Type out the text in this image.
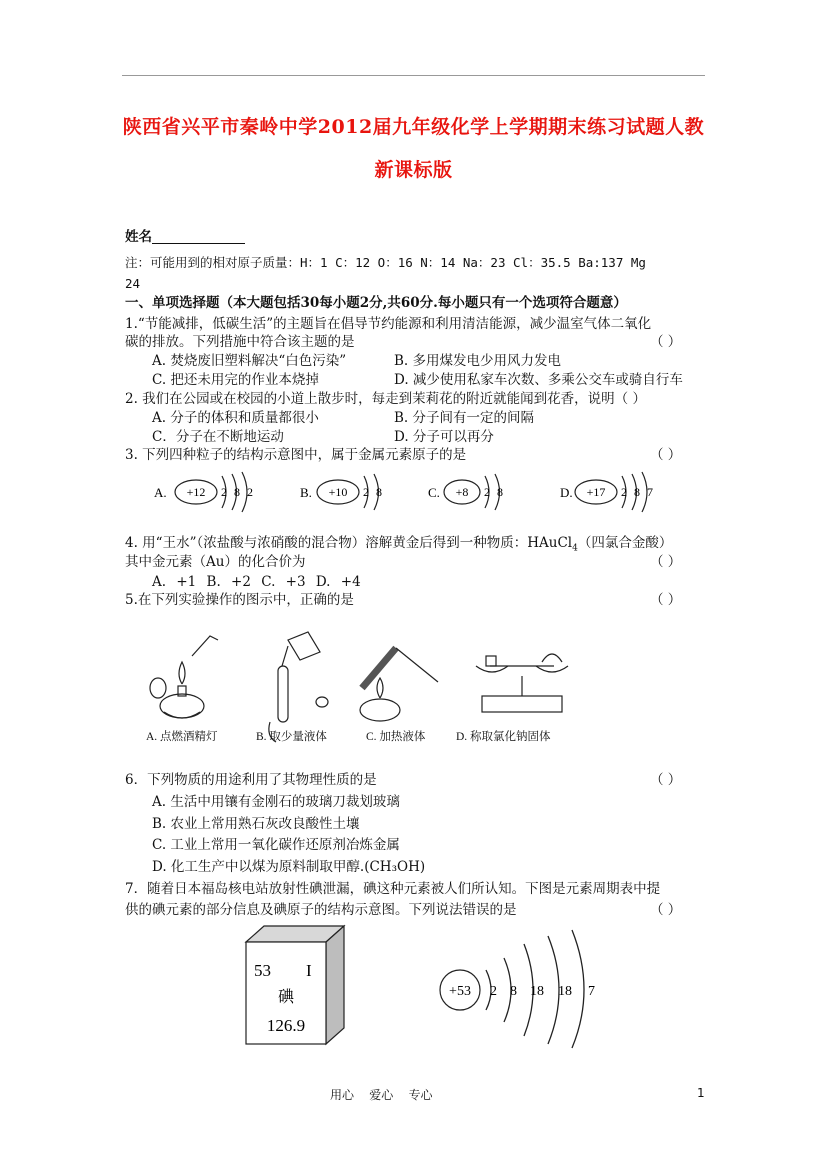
陕西省兴平市秦岭中学2012届九年级化学上学期期末练习试题人教
新课标版
姓名
注：可能用到的相对原子质量：H：1 C：12 O：16 N：14 Na：23 Cl：35.5 Ba:137 Mg
24
一、单项选择题（本大题包括30每小题2分,共60分.每小题只有一个选项符合题意）
1.“节能减排，低碳生活”的主题旨在倡导节约能源和利用清洁能源，减少温室气体二氧化
碳的排放。下列措施中符合该主题的是	（ ）
A. 焚烧废旧塑料解决“白色污染”	B. 多用煤发电少用风力发电
C. 把还未用完的作业本烧掉	D. 减少使用私家车次数、多乘公交车或骑自行车
2. 我们在公园或在校园的小道上散步时，每走到茉莉花的附近就能闻到花香，说明（ ）
A. 分子的体积和质量都很小	B. 分子间有一定的间隔
C．分子在不断地运动	D. 分子可以再分
3. 下列四种粒子的结构示意图中，属于金属元素原子的是	（ ）
A. +12 2 8 2	B. +10 2 8	C. +8 2 8	D. +17 2 8 7
4. 用“王水”（浓盐酸与浓硝酸的混合物）溶解黄金后得到一种物质：HAuCl$_4$（四氯合金酸）
其中金元素（Au）的化合价为	（ ）
A. +1 B. +2 C. +3 D. +4
5.在下列实验操作的图示中，正确的是	（ ）
A. 点燃酒精灯	B. 取少量液体	C. 加热液体	D. 称取氯化钠固体
6．下列物质的用途利用了其物理性质的是	（ ）
A. 生活中用镶有金刚石的玻璃刀裁划玻璃
B. 农业上常用熟石灰改良酸性土壤
C. 工业上常用一氧化碳作还原剂冶炼金属
D. 化工生产中以煤为原料制取甲醇.(CH₃OH)
7．随着日本福岛核电站放射性碘泄漏，碘这种元素被人们所认知。下图是元素周期表中提
供的碘元素的部分信息及碘原子的结构示意图。下列说法错误的是	（ ）
53 I
碘
126.9
+53 2 8 18 18 7
用心    爱心    专心	1
